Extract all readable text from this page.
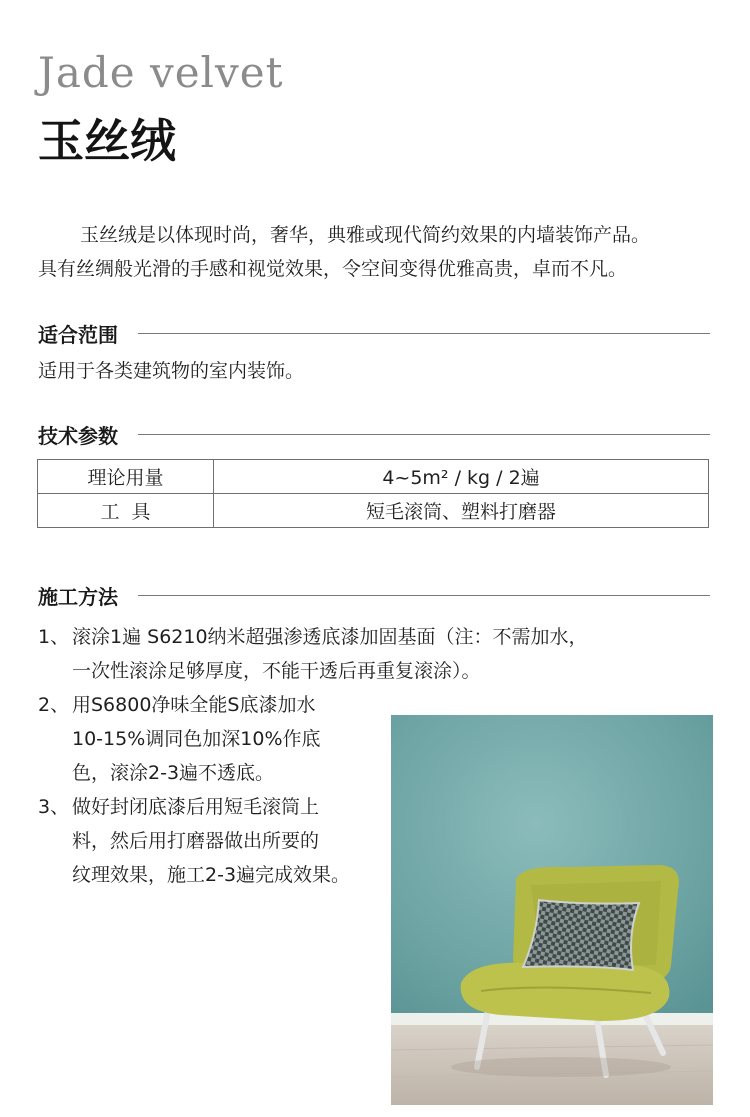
Jade velvet
玉丝绒

玉丝绒是以体现时尚，奢华，典雅或现代简约效果的内墙装饰产品。

具有丝绸般光滑的手感和视觉效果，令空间变得优雅高贵，卓而不凡。

适合范围
适用于各类建筑物的室内装饰。
技术参数
理论用量	4~5m² / kg / 2遍
工  具	短毛滚筒、塑料打磨器
施工方法
1、 滚涂1遍 S6210纳米超强渗透底漆加固基面（注：不需加水，

一次性滚涂足够厚度，不能干透后再重复滚涂）。

2、 用S6800净味全能S底漆加水

10-15%调同色加深10%作底

色，滚涂2-3遍不透底。

3、 做好封闭底漆后用短毛滚筒上

料，然后用打磨器做出所要的

纹理效果，施工2-3遍完成效果。
